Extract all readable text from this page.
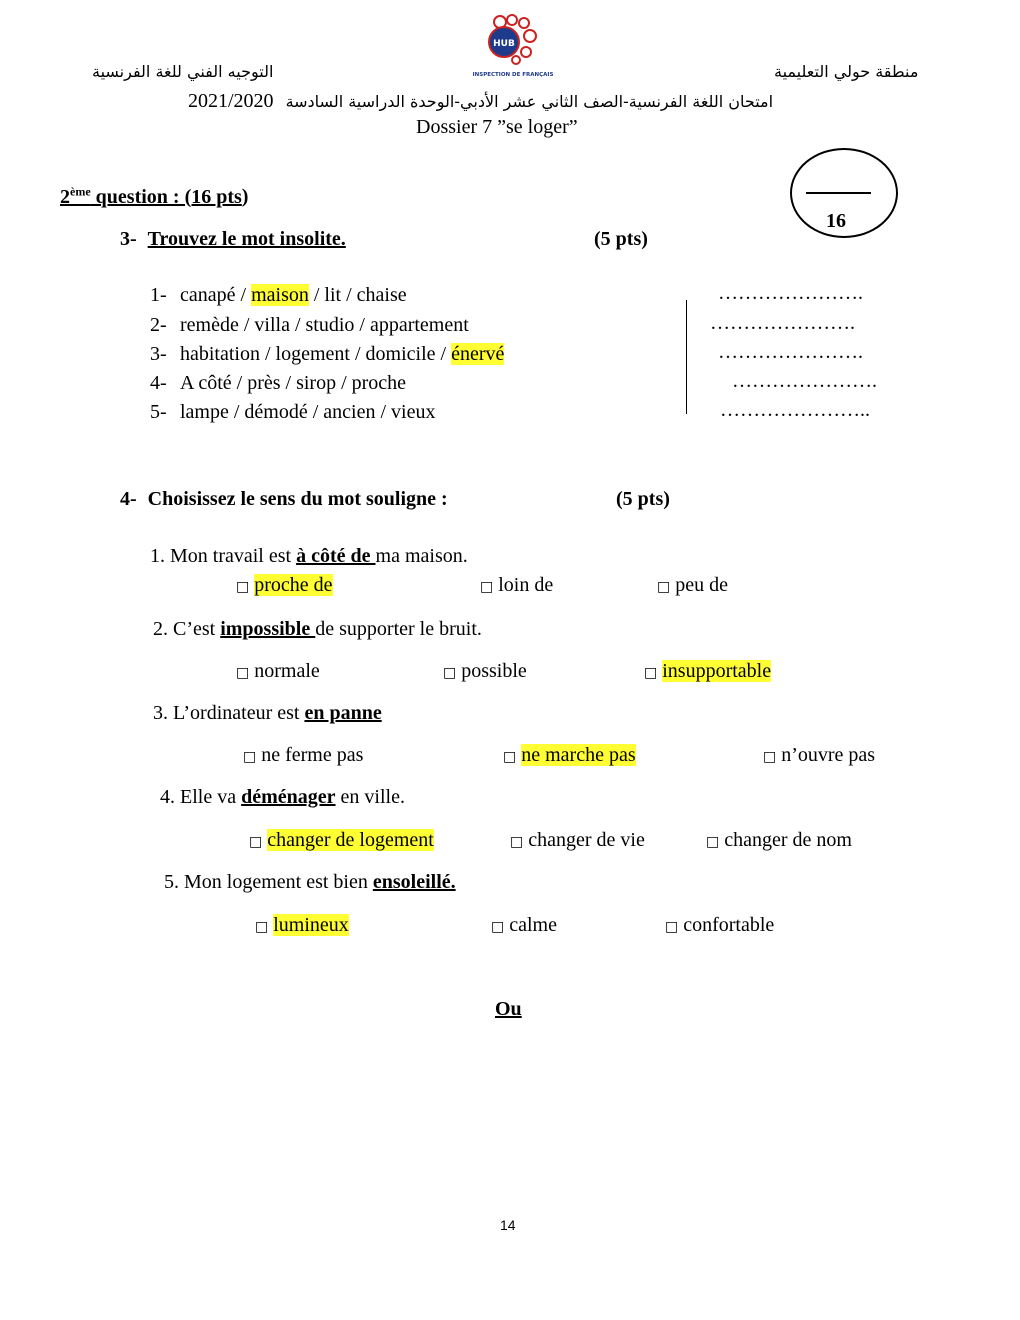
HUB
INSPECTION DE FRANÇAIS
التوجيه الفني للغة الفرنسية	منطقة حولي التعليمية
2021/2020 امتحان اللغة الفرنسية-الصف الثاني عشر الأدبي-الوحدة الدراسية السادسة
Dossier 7 ”se loger”
16
2ème question : (16 pts)
3- Trouvez le mot insolite.	(5 pts)
1- canapé / maison / lit / chaise	………………….
2- remède / villa / studio / appartement	………………….
3- habitation / logement / domicile / énervé	………………….
4- A côté / près / sirop / proche	………………….
5- lampe / démodé / ancien / vieux	…………………..
4- Choisissez le sens du mot souligne :	(5 pts)
1. Mon travail est à côté de ma maison.
□ proche de	□ loin de	□ peu de
2. C’est impossible de supporter le bruit.
□ normale	□ possible	□ insupportable
3. L’ordinateur est en panne
□ ne ferme pas	□ ne marche pas	□ n’ouvre pas
4. Elle va déménager en ville.
□ changer de logement	□ changer de vie	□ changer de nom
5. Mon logement est bien ensoleillé.
□ lumineux	□ calme	□ confortable
Ou
14
